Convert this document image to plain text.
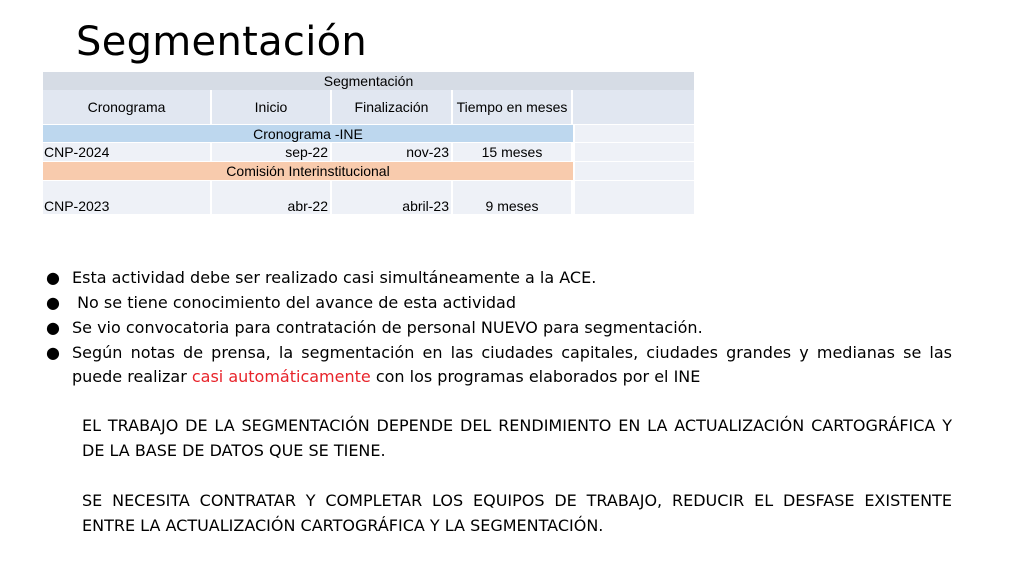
Segmentación
Segmentación
Cronograma	Inicio	Finalización	Tiempo en meses
Cronograma -INE
CNP-2024	sep-22	nov-23	15 meses
Comisión Interinstitucional
CNP-2023	abr-22	abril-23	9 meses
● Esta actividad debe ser realizado casi simultáneamente a la ACE.
● No se tiene conocimiento del avance de esta actividad
● Se vio convocatoria para contratación de personal NUEVO para segmentación.
● Según notas de prensa, la segmentación en las ciudades capitales, ciudades grandes y medianas se las puede realizar casi automáticamente con los programas elaborados por el INE
EL TRABAJO DE LA SEGMENTACIÓN DEPENDE DEL RENDIMIENTO EN LA ACTUALIZACIÓN CARTOGRÁFICA Y DE LA BASE DE DATOS QUE SE TIENE.
SE NECESITA CONTRATAR Y COMPLETAR LOS EQUIPOS DE TRABAJO, REDUCIR EL DESFASE EXISTENTE ENTRE LA ACTUALIZACIÓN CARTOGRÁFICA Y LA SEGMENTACIÓN.
